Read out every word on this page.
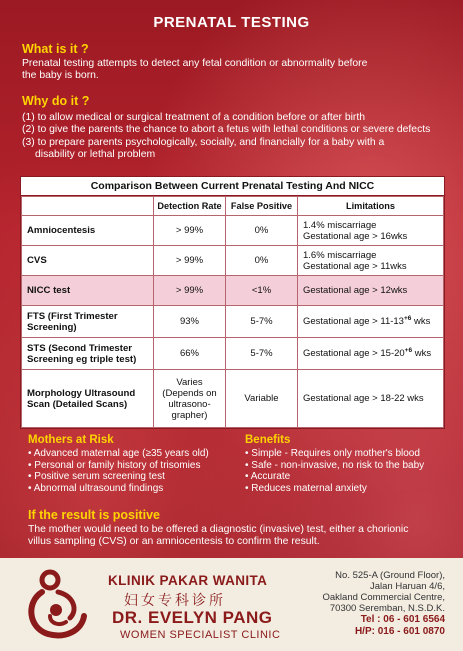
PRENATAL TESTING
What is it ?
Prenatal testing attempts to detect any fetal condition or abnormality before
the baby is born.
Why do it ?
(1) to allow medical or surgical treatment of a condition before or after birth
(2) to give the parents the chance to abort a fetus with lethal conditions or severe defects
(3) to prepare parents psychologically, socially, and financially for a baby with a
disability or lethal problem
Comparison Between Current Prenatal Testing And NICC
	Detection Rate	False Positive	Limitations
Amniocentesis	> 99%	0%	1.4% miscarriage
Gestational age > 16wks

CVS	> 99%	0%	1.6% miscarriage
Gestational age > 11wks

NICC test	> 99%	<1%	Gestational age > 12wks
FTS (First Trimester Screening)	93%	5-7%	Gestational age > $11-13^{+6}$ wks
STS (Second Trimester Screening eg triple test)	66%	5-7%	Gestational age > $15-20^{+6}$ wks
Morphology Ultrasound Scan (Detailed Scans)	Varies (Depends on ultrasono-grapher)	Variable	Gestational age > 18-22 wks
Mothers at Risk
• Advanced maternal age (≥35 years old)
• Personal or family history of trisomies
• Positive serum screening test
• Abnormal ultrasound findings
Benefits
• Simple - Requires only mother's blood
• Safe - non-invasive, no risk to the baby
• Accurate
• Reduces maternal anxiety
If the result is positive
The mother would need to be offered a diagnostic (invasive) test, either a chorionic
villus sampling (CVS) or an amniocentesis to confirm the result.
KLINIK PAKAR WANITA
妇女专科诊所
DR. EVELYN PANG
WOMEN SPECIALIST CLINIC
No. 525-A (Ground Floor),
Jalan Haruan 4/6,
Oakland Commercial Centre,
70300 Seremban, N.S.D.K.
Tel : 06 - 601 6564
H/P: 016 - 601 0870
